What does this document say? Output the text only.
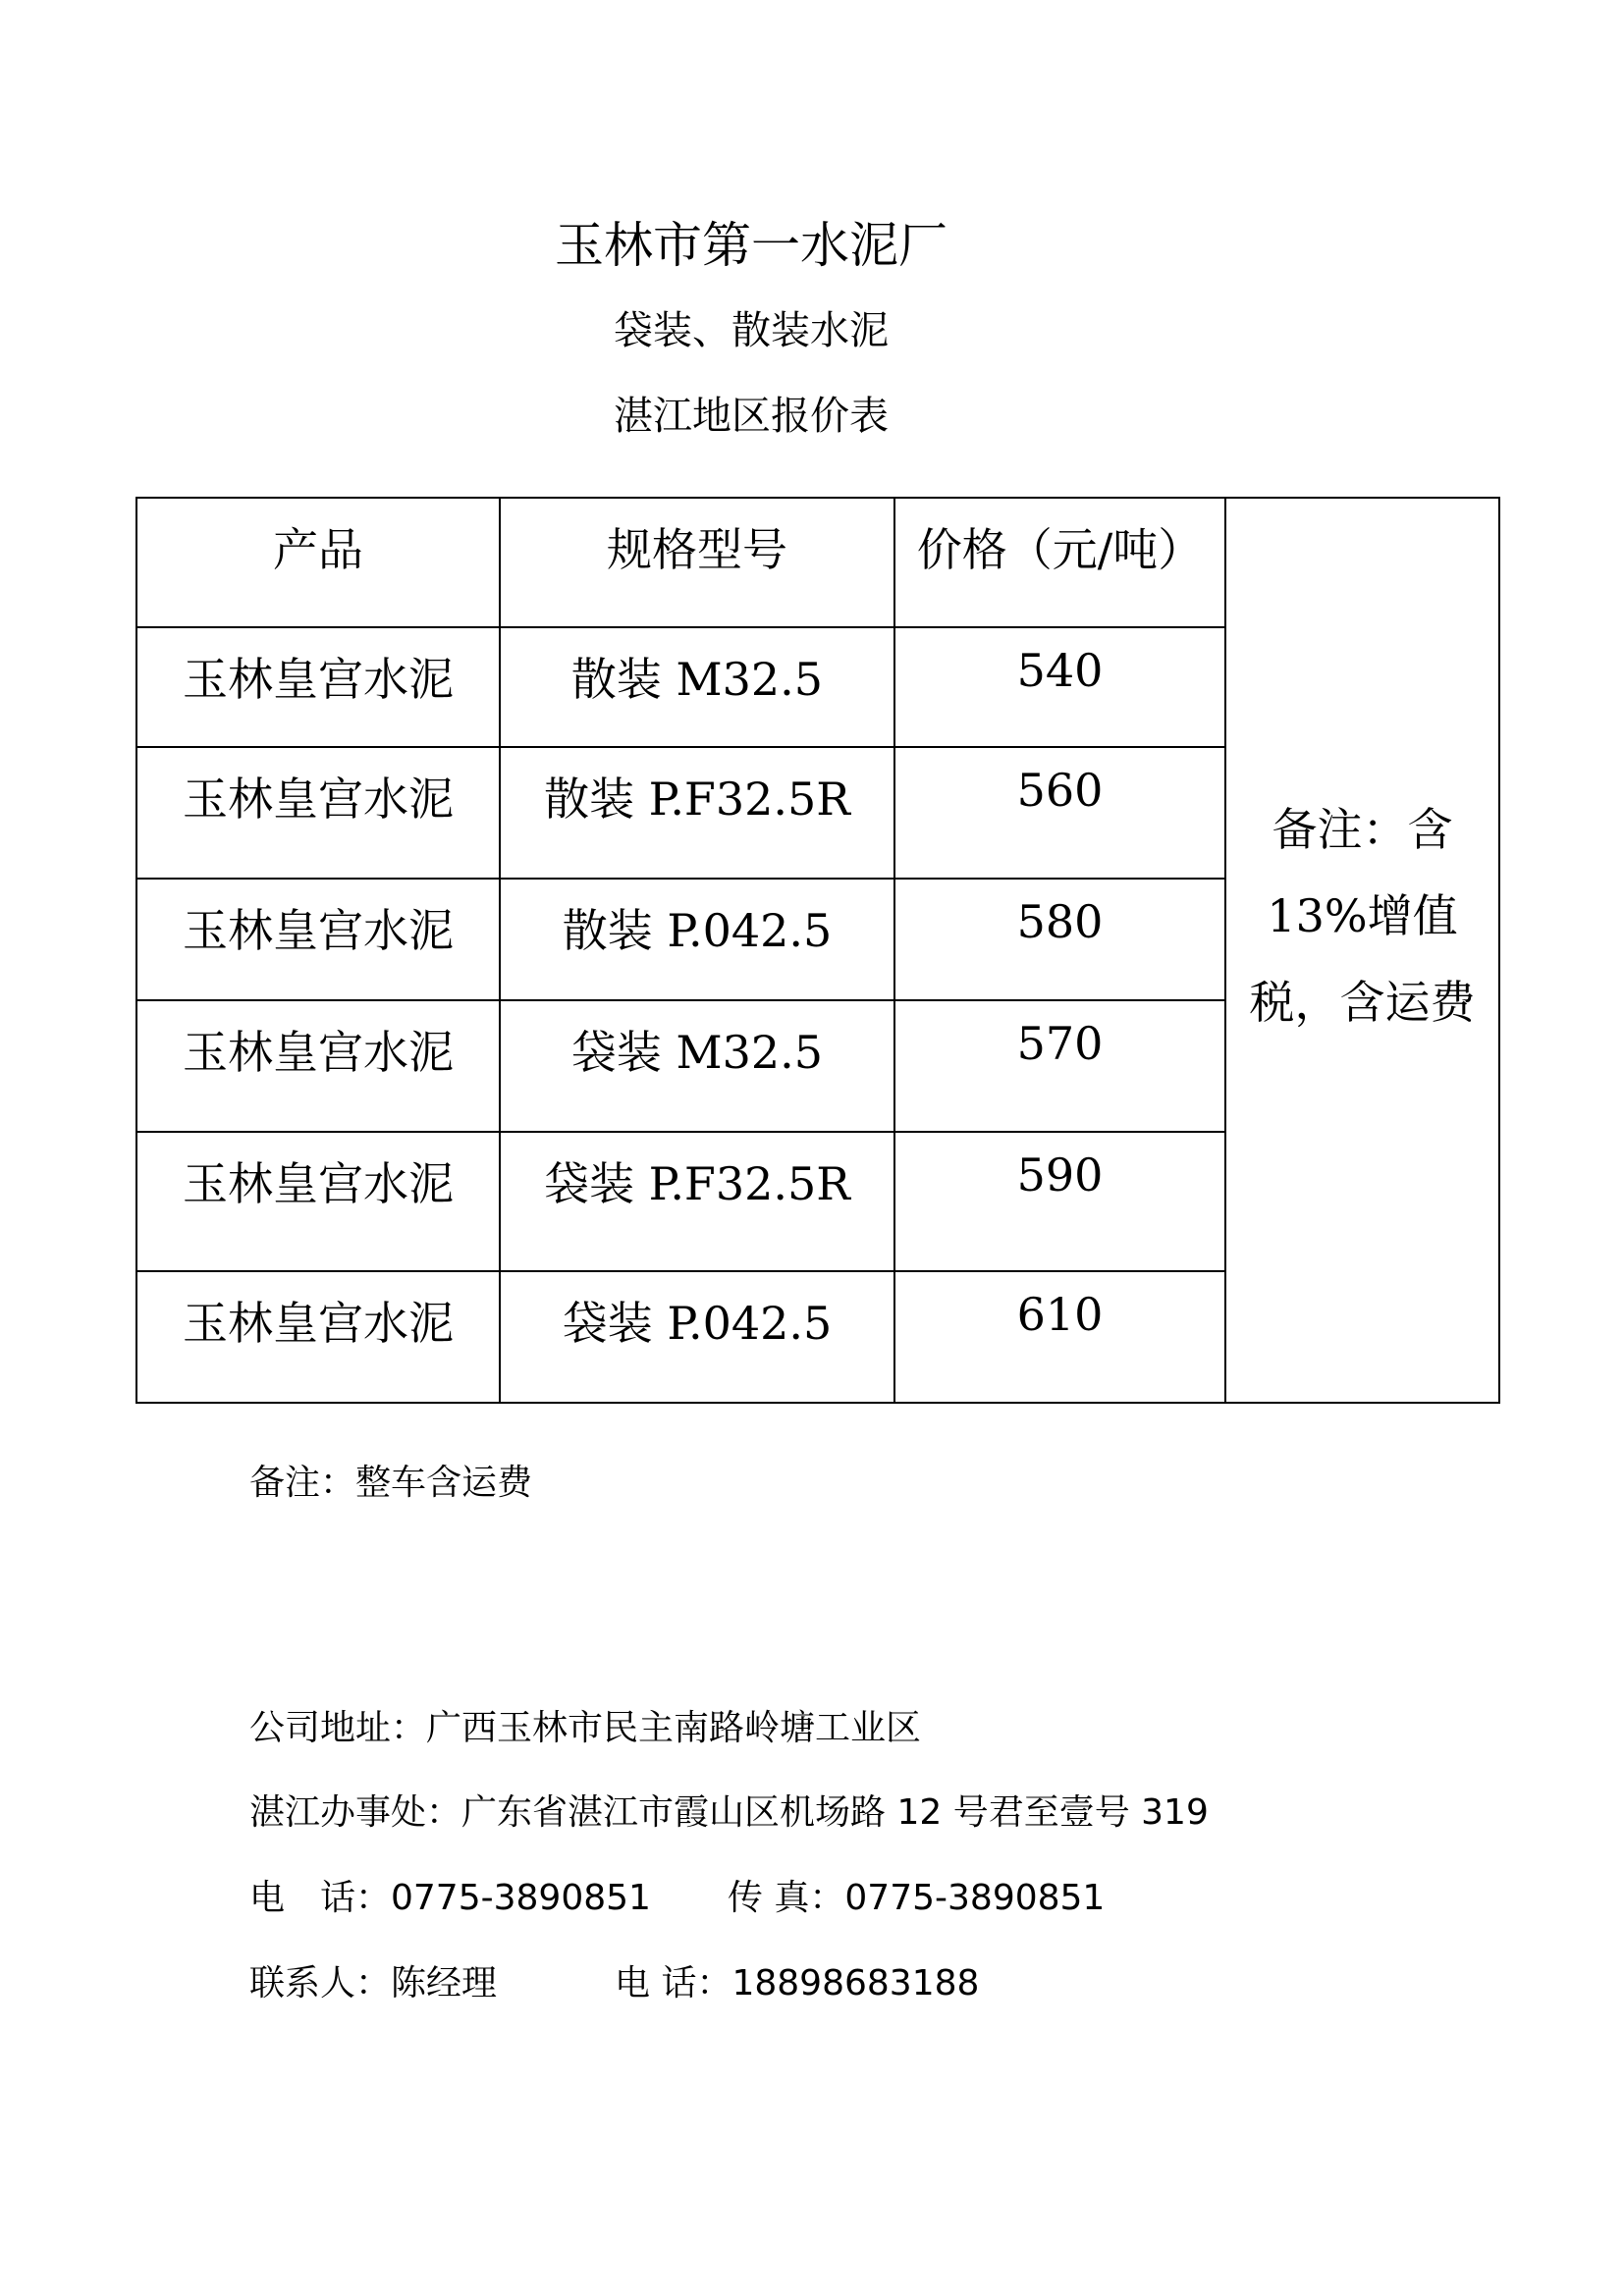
玉林市第一水泥厂
袋装、散装水泥
湛江地区报价表
产品	规格型号	价格（元/吨）	备注：含13%增值税，含运费

玉林皇宫水泥	散装 M32.5	540	
玉林皇宫水泥	散装 P.F32.5R	560	
玉林皇宫水泥	散装 P.042.5	580	
玉林皇宫水泥	袋装 M32.5	570	
玉林皇宫水泥	袋装 P.F32.5R	590	
玉林皇宫水泥	袋装 P.042.5	610	
备注：整车含运费
公司地址：广西玉林市民主南路岭塘工业区
湛江办事处：广东省湛江市霞山区机场路 12 号君至壹号 319
电　话：0775-3890851 传 真：0775-3890851
联系人：陈经理	电 话：18898683188
